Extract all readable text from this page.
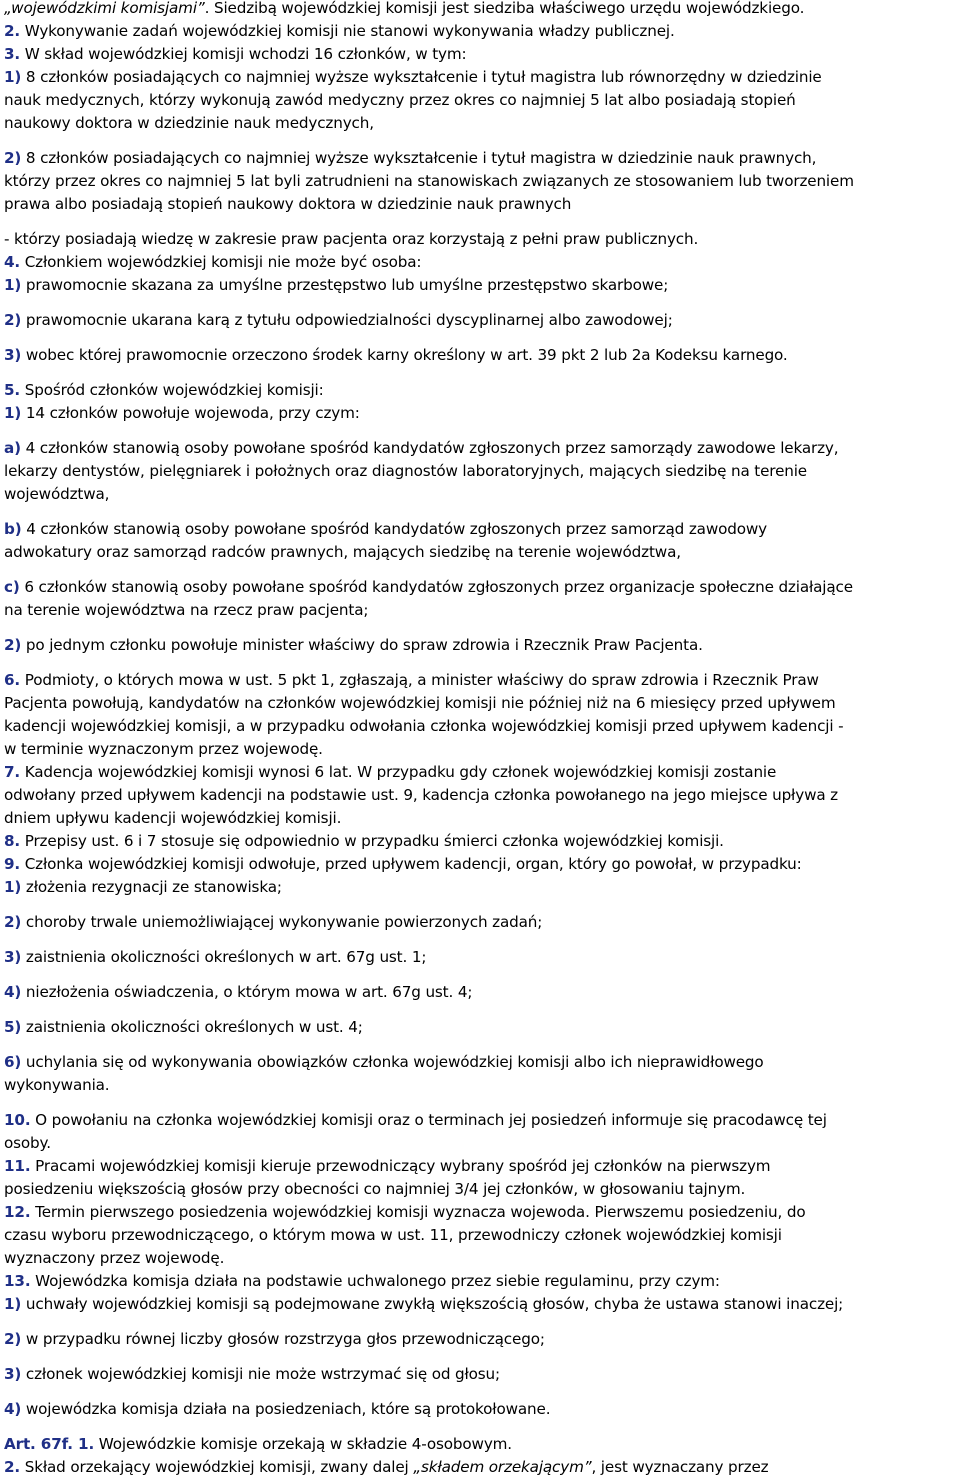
„wojewódzkimi komisjami”. Siedzibą wojewódzkiej komisji jest siedziba właściwego urzędu wojewódzkiego.
2. Wykonywanie zadań wojewódzkiej komisji nie stanowi wykonywania władzy publicznej.
3. W skład wojewódzkiej komisji wchodzi 16 członków, w tym:
1) 8 członków posiadających co najmniej wyższe wykształcenie i tytuł magistra lub równorzędny w dziedzinie
nauk medycznych, którzy wykonują zawód medyczny przez okres co najmniej 5 lat albo posiadają stopień
naukowy doktora w dziedzinie nauk medycznych,
2) 8 członków posiadających co najmniej wyższe wykształcenie i tytuł magistra w dziedzinie nauk prawnych,
którzy przez okres co najmniej 5 lat byli zatrudnieni na stanowiskach związanych ze stosowaniem lub tworzeniem
prawa albo posiadają stopień naukowy doktora w dziedzinie nauk prawnych
- którzy posiadają wiedzę w zakresie praw pacjenta oraz korzystają z pełni praw publicznych.
4. Członkiem wojewódzkiej komisji nie może być osoba:
1) prawomocnie skazana za umyślne przestępstwo lub umyślne przestępstwo skarbowe;
2) prawomocnie ukarana karą z tytułu odpowiedzialności dyscyplinarnej albo zawodowej;
3) wobec której prawomocnie orzeczono środek karny określony w art. 39 pkt 2 lub 2a Kodeksu karnego.
5. Spośród członków wojewódzkiej komisji:
1) 14 członków powołuje wojewoda, przy czym:
a) 4 członków stanowią osoby powołane spośród kandydatów zgłoszonych przez samorządy zawodowe lekarzy,
lekarzy dentystów, pielęgniarek i położnych oraz diagnostów laboratoryjnych, mających siedzibę na terenie
województwa,
b) 4 członków stanowią osoby powołane spośród kandydatów zgłoszonych przez samorząd zawodowy
adwokatury oraz samorząd radców prawnych, mających siedzibę na terenie województwa,
c) 6 członków stanowią osoby powołane spośród kandydatów zgłoszonych przez organizacje społeczne działające
na terenie województwa na rzecz praw pacjenta;
2) po jednym członku powołuje minister właściwy do spraw zdrowia i Rzecznik Praw Pacjenta.
6. Podmioty, o których mowa w ust. 5 pkt 1, zgłaszają, a minister właściwy do spraw zdrowia i Rzecznik Praw
Pacjenta powołują, kandydatów na członków wojewódzkiej komisji nie później niż na 6 miesięcy przed upływem
kadencji wojewódzkiej komisji, a w przypadku odwołania członka wojewódzkiej komisji przed upływem kadencji -
w terminie wyznaczonym przez wojewodę.
7. Kadencja wojewódzkiej komisji wynosi 6 lat. W przypadku gdy członek wojewódzkiej komisji zostanie
odwołany przed upływem kadencji na podstawie ust. 9, kadencja członka powołanego na jego miejsce upływa z
dniem upływu kadencji wojewódzkiej komisji.
8. Przepisy ust. 6 i 7 stosuje się odpowiednio w przypadku śmierci członka wojewódzkiej komisji.
9. Członka wojewódzkiej komisji odwołuje, przed upływem kadencji, organ, który go powołał, w przypadku:
1) złożenia rezygnacji ze stanowiska;
2) choroby trwale uniemożliwiającej wykonywanie powierzonych zadań;
3) zaistnienia okoliczności określonych w art. 67g ust. 1;
4) niezłożenia oświadczenia, o którym mowa w art. 67g ust. 4;
5) zaistnienia okoliczności określonych w ust. 4;
6) uchylania się od wykonywania obowiązków członka wojewódzkiej komisji albo ich nieprawidłowego
wykonywania.
10. O powołaniu na członka wojewódzkiej komisji oraz o terminach jej posiedzeń informuje się pracodawcę tej
osoby.
11. Pracami wojewódzkiej komisji kieruje przewodniczący wybrany spośród jej członków na pierwszym
posiedzeniu większością głosów przy obecności co najmniej 3/4 jej członków, w głosowaniu tajnym.
12. Termin pierwszego posiedzenia wojewódzkiej komisji wyznacza wojewoda. Pierwszemu posiedzeniu, do
czasu wyboru przewodniczącego, o którym mowa w ust. 11, przewodniczy członek wojewódzkiej komisji
wyznaczony przez wojewodę.
13. Wojewódzka komisja działa na podstawie uchwalonego przez siebie regulaminu, przy czym:
1) uchwały wojewódzkiej komisji są podejmowane zwykłą większością głosów, chyba że ustawa stanowi inaczej;
2) w przypadku równej liczby głosów rozstrzyga głos przewodniczącego;
3) członek wojewódzkiej komisji nie może wstrzymać się od głosu;
4) wojewódzka komisja działa na posiedzeniach, które są protokołowane.
Art. 67f. 1. Wojewódzkie komisje orzekają w składzie 4-osobowym.
2. Skład orzekający wojewódzkiej komisji, zwany dalej „składem orzekającym”, jest wyznaczany przez
